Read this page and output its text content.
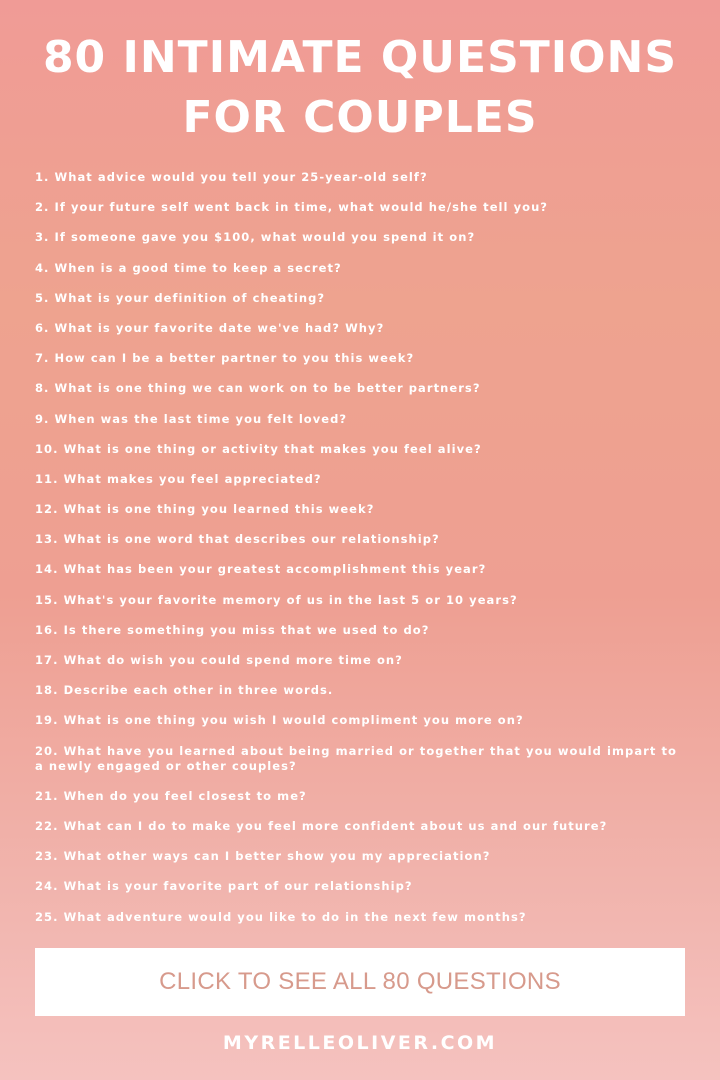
80 INTIMATE QUESTIONS
FOR COUPLES
1. What advice would you tell your 25-year-old self?
2. If your future self went back in time, what would he/she tell you?
3. If someone gave you $100, what would you spend it on?
4. When is a good time to keep a secret?
5. What is your definition of cheating?
6. What is your favorite date we've had? Why?
7. How can I be a better partner to you this week?
8. What is one thing we can work on to be better partners?
9. When was the last time you felt loved?
10. What is one thing or activity that makes you feel alive?
11. What makes you feel appreciated?
12. What is one thing you learned this week?
13. What is one word that describes our relationship?
14. What has been your greatest accomplishment this year?
15. What's your favorite memory of us in the last 5 or 10 years?
16. Is there something you miss that we used to do?
17. What do wish you could spend more time on?
18. Describe each other in three words.
19. What is one thing you wish I would compliment you more on?
20. What have you learned about being married or together that you would impart to a newly engaged or other couples?
21. When do you feel closest to me?
22. What can I do to make you feel more confident about us and our future?
23. What other ways can I better show you my appreciation?
24. What is your favorite part of our relationship?
25. What adventure would you like to do in the next few months?
CLICK TO SEE ALL 80 QUESTIONS
MYRELLEOLIVER.COM
